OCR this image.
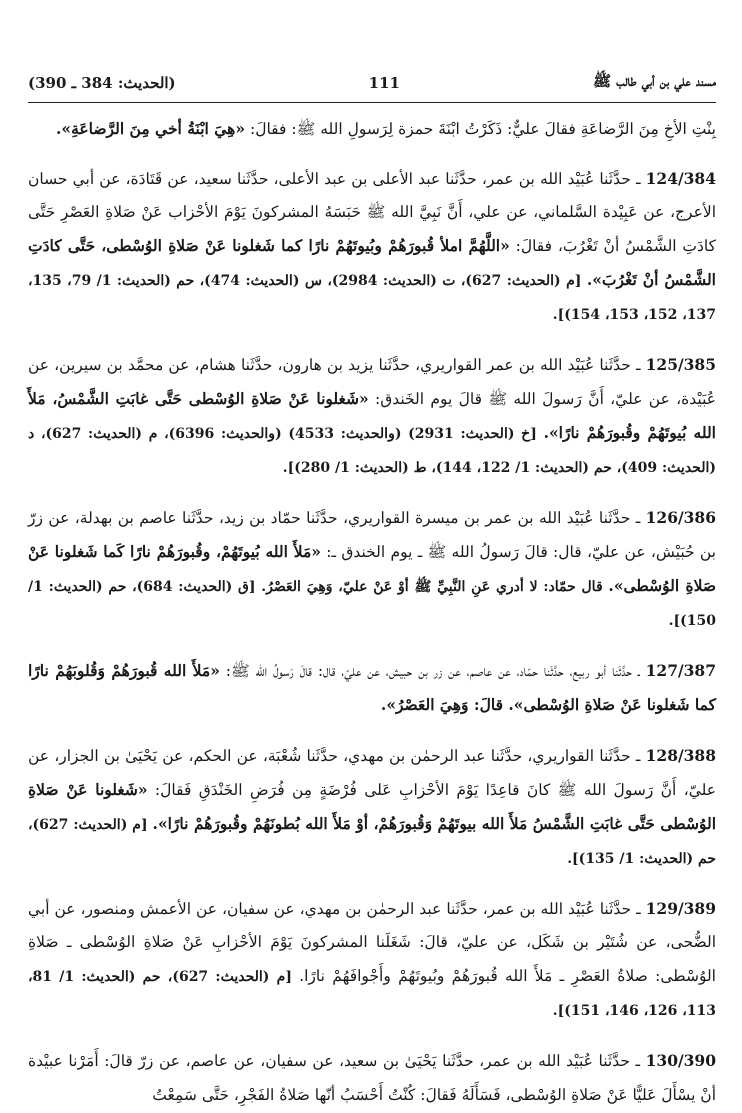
مسند علي بن أبي طالب ﷺ
111
(الحديث: 384 ـ 390)

بِنْتِ الأخِ مِنَ الرَّضاعَةِ فقالَ عليٌّ: ذَكَرْتُ ابْنَةَ حمزة لِرَسولِ الله ﷺ: فقالَ: «هِيَ ابْنَةُ أخي مِنَ الرَّضاعَةِ».

124/384 ـ حدَّثَنا عُبَيْد الله بن عمر، حدَّثَنا عبد الأعلى بن عبد الأعلى، حدَّثَنا سعيد، عن قَتَادَة، عن أبي حسان الأعرج، عن عَبِيْدة السَّلماني، عن علي، أَنَّ نَبِيَّ الله ﷺ حَبَسَهُ المشركونَ يَوْمَ الأحْزاب عَنْ صَلاةِ العَصْرِ حَتَّى كادَتِ الشَّمْسُ أنْ تَغْرُبَ، فقالَ: «اللَّهُمَّ املأ قُبورَهُمْ وبُيوتَهُمْ نارًا كما شَغلونا عَنْ صَلاةِ الوُسْطى، حَتَّى كادَتِ الشَّمْسُ أنْ تَغْرُبَ». [م (الحديث: 627)، ت (الحديث: 2984)، س (الحديث: 474)، حم (الحديث: 1/ 79، 135، 137، 152، 153، 154)].

125/385 ـ حدَّثَنا عُبَيْد الله بن عمر القواريري، حدَّثَنا يزيد بن هارون، حدَّثَنا هشام، عن محمَّد بن سيرين، عن عُبَيْدة، عن عليّ، أَنَّ رَسولَ الله ﷺ قالَ يوم الخَندق: «شَغلونا عَنْ صَلاةِ الوُسْطى حَتَّى غابَتِ الشَّمْسُ، مَلأَ الله بُيوتَهُمْ وقُبورَهُمْ نارًا». [خ (الحديث: 2931) (والحديث: 4533) (والحديث: 6396)، م (الحديث: 627)، د (الحديث: 409)، حم (الحديث: 1/ 122، 144)، ط (الحديث: 1/ 280)].

126/386 ـ حدَّثَنا عُبَيْد الله بن عمر بن ميسرة القواريري، حدَّثَنا حمّاد بن زيد، حدَّثَنا عاصم بن بهدلة، عن زرّ بن حُبَيْش، عن عليّ، قال: قالَ رَسولُ الله ﷺ ـ يوم الخندق ـ: «مَلأَ الله بُيوتَهُمْ، وقُبورَهُمْ نارًا كَما شَغلونا عَنْ صَلاةِ الوُسْطى». قال حمّاد: لا أدري عَنِ النَّبِيِّ ﷺ أوْ عَنْ عليّ، وَهِيَ العَصْرُ. [ق (الحديث: 684)، حم (الحديث: 1/ 150)].

127/387 ـ حدَّثَنا أبو ربيع، حدَّثَنا حمّاد، عن عاصم، عن زر بن حبيش، عن عليّ، قال: قالَ رَسولُ الله ﷺ: «مَلأَ الله قُبورَهُمْ وَقُلوبَهُمْ نارًا كما شَغلونا عَنْ صَلاةِ الوُسْطى». قالَ: وَهِيَ العَصْرُ».

128/388 ـ حدَّثَنا القواريري، حدَّثَنا عبد الرحمٰن بن مهدي، حدَّثَنا شُعْبَة، عن الحكم، عن يَحْيَىٰ بن الجزار، عن عليّ، أَنَّ رَسولَ الله ﷺ كانَ قاعِدًا يَوْمَ الأحْزابِ عَلى فُرْضَةٍ مِن فُرَضِ الخَنْدَقِ فَقالَ: «شَغلونا عَنْ صَلاةِ الوُسْطى حَتَّى غابَتِ الشَّمْسُ مَلأَ الله بيوتَهُمْ وَقُبورَهُمْ، أوْ مَلأَ الله بُطونَهُمْ وقُبورَهُمْ نارًا». [م (الحديث: 627)، حم (الحديث: 1/ 135)].

129/389 ـ حدَّثَنا عُبَيْد الله بن عمر، حدَّثَنا عبد الرحمٰن بن مهدي، عن سفيان، عن الأعمش ومنصور، عن أبي الضُّحى، عن شُتَيْر بن شَكَل، عن عليّ، قالَ: شَغَلَنا المشركونَ يَوْمَ الأحْزابِ عَنْ صَلاةِ الوُسْطى ـ صَلاةِ الوُسْطى: صلاةُ العَصْرِ ـ مَلأَ الله قُبورَهُمْ وبُيوتَهُمْ وأَجْوافَهُمْ نارًا. [م (الحديث: 627)، حم (الحديث: 1/ 81، 113، 126، 146، 151)].

130/390 ـ حدَّثَنا عُبَيْد الله بن عمر، حدَّثَنا يَحْيَىٰ بن سعيد، عن سفيان، عن عاصم، عن زرّ قالَ: أَمَرْنا عبيْدة أنْ يسْأَلَ عَليًّا عَنْ صَلاةِ الوُسْطى، فَسَأَلَهُ فَقالَ: كُنْتُ أَحْسَبُ أنّها صَلاةُ الفَجْرِ، حَتَّى سَمِعْتُ
